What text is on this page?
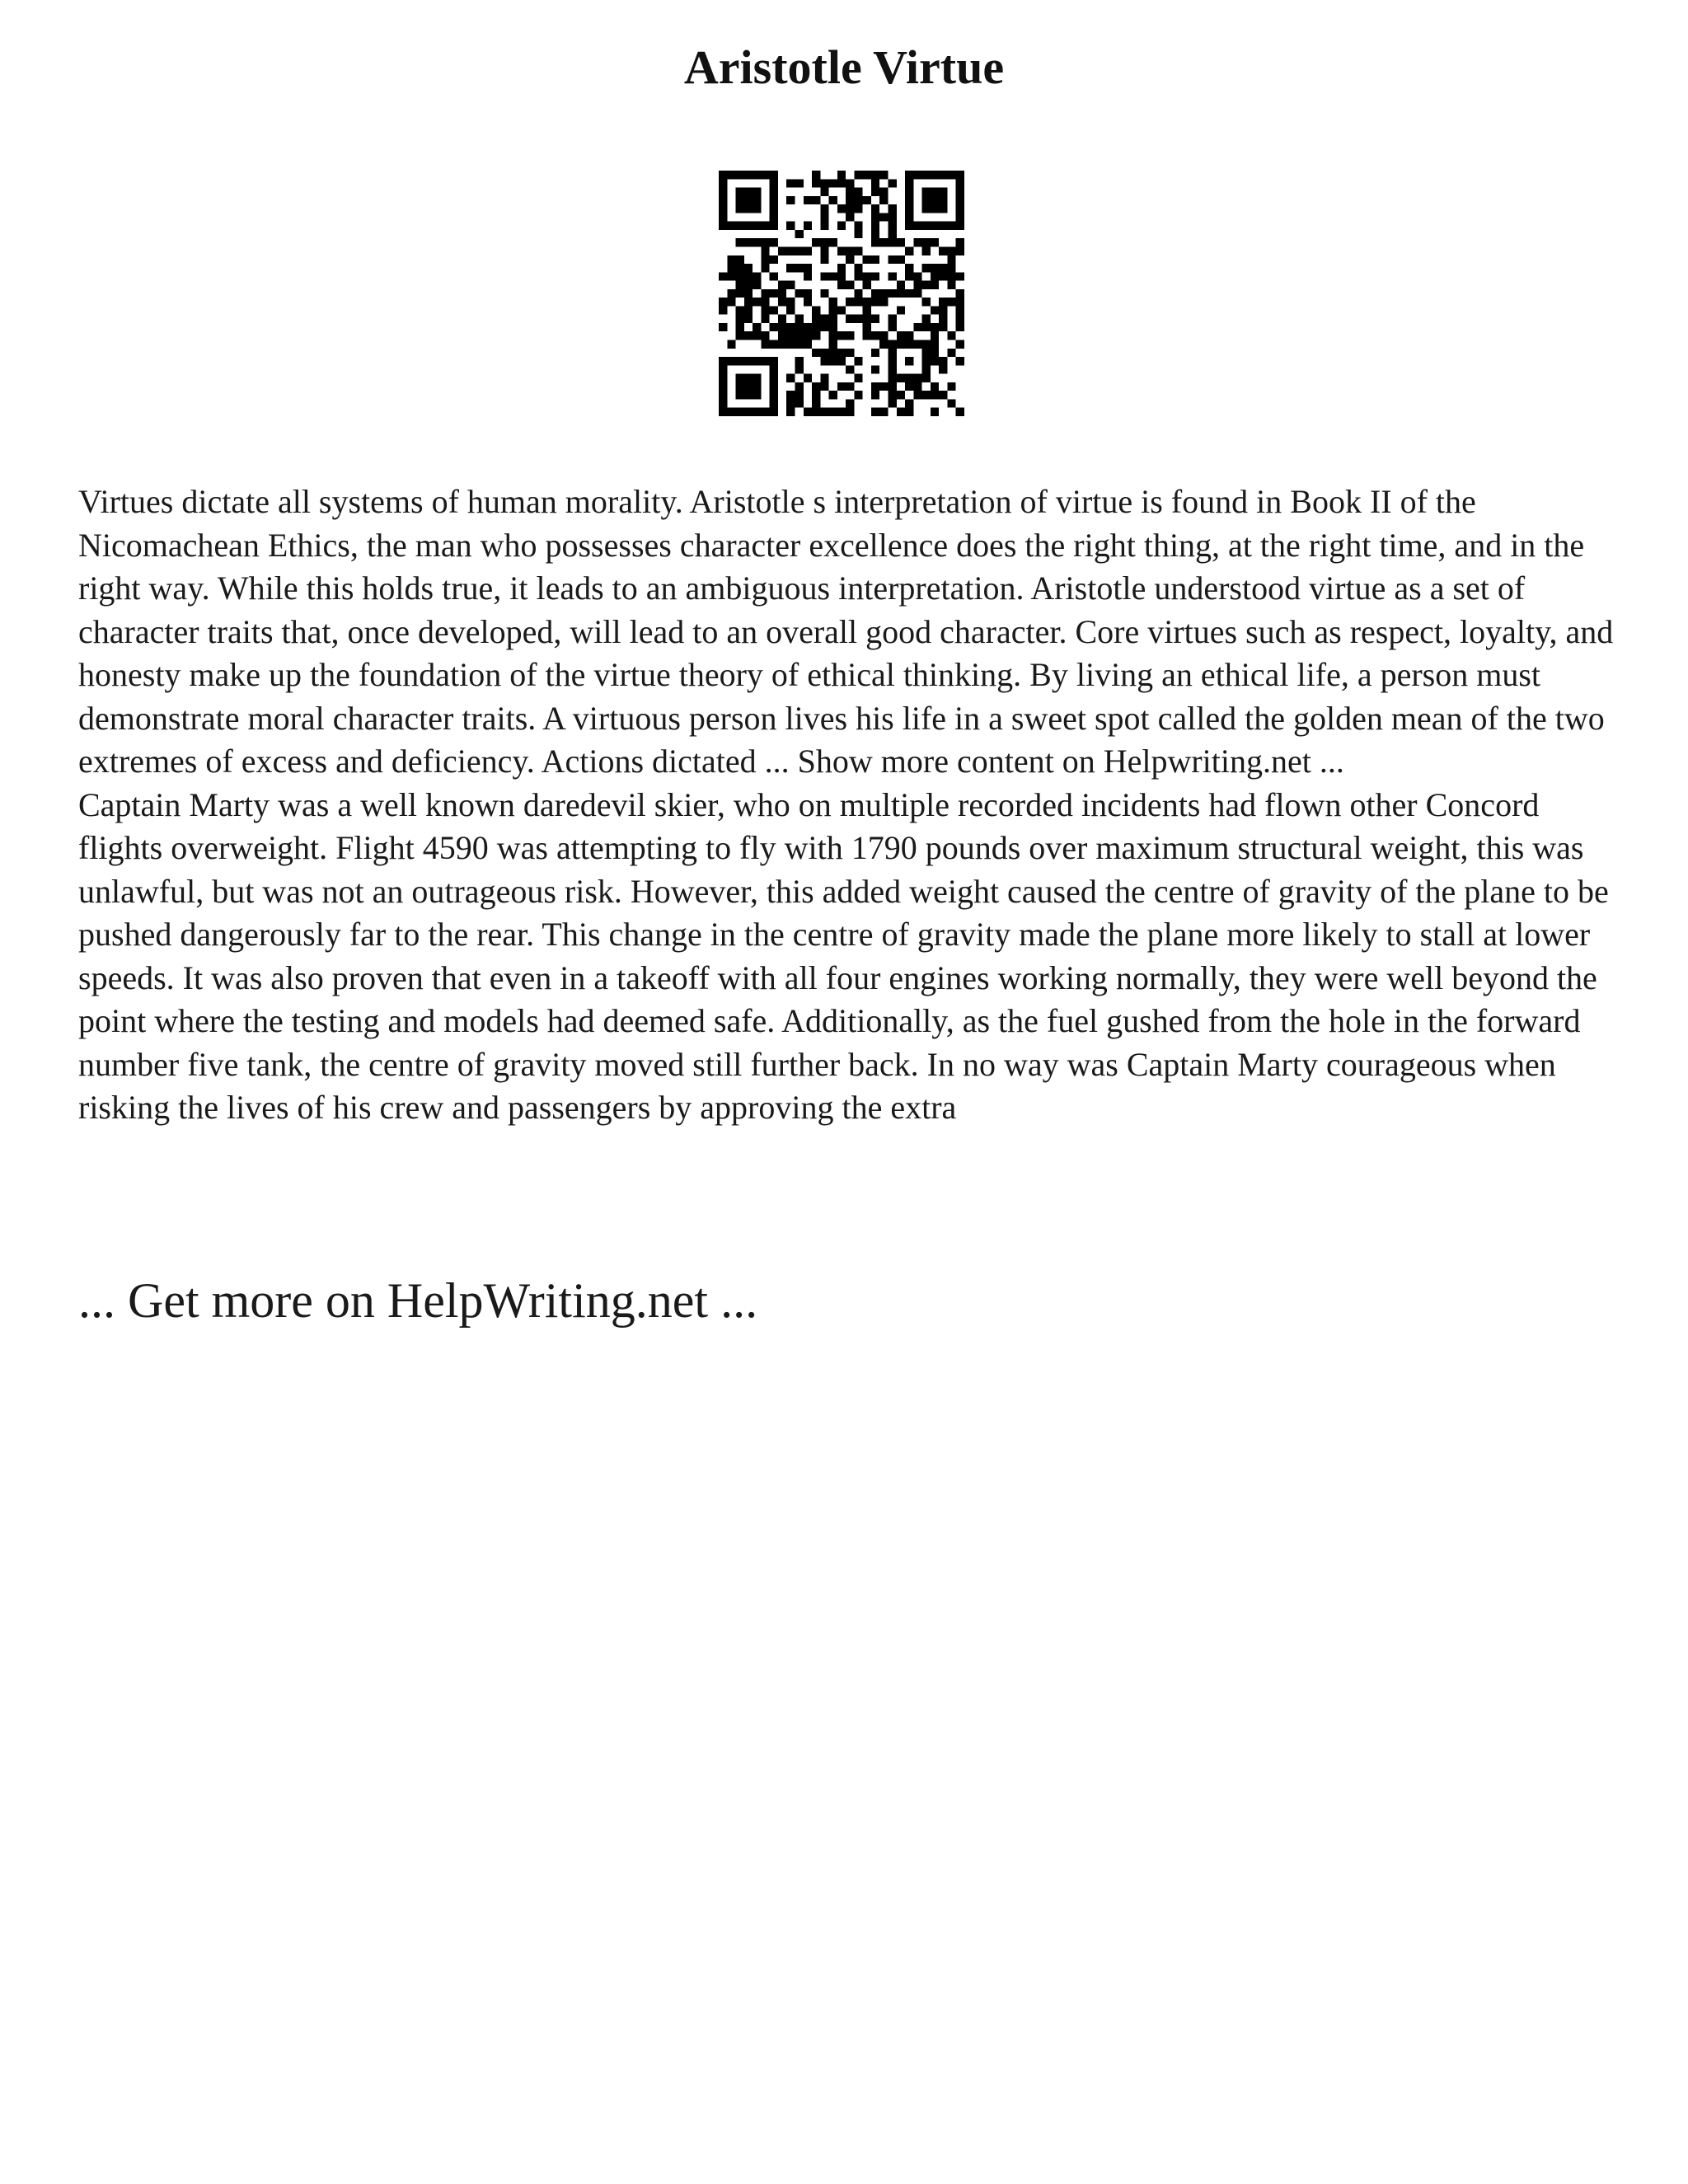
Aristotle Virtue

Virtues dictate all systems of human morality. Aristotle s interpretation of virtue is found in Book II of the Nicomachean Ethics, the man who possesses character excellence does the right thing, at the right time, and in the right way. While this holds true, it leads to an ambiguous interpretation. Aristotle understood virtue as a set of character traits that, once developed, will lead to an overall good character. Core virtues such as respect, loyalty, and honesty make up the foundation of the virtue theory of ethical thinking. By living an ethical life, a person must demonstrate moral character traits. A virtuous person lives his life in a sweet spot called the golden mean of the two extremes of excess and deficiency. Actions dictated ... Show more content on Helpwriting.net ...

Captain Marty was a well known daredevil skier, who on multiple recorded incidents had flown other Concord flights overweight. Flight 4590 was attempting to fly with 1790 pounds over maximum structural weight, this was unlawful, but was not an outrageous risk. However, this added weight caused the centre of gravity of the plane to be pushed dangerously far to the rear. This change in the centre of gravity made the plane more likely to stall at lower speeds. It was also proven that even in a takeoff with all four engines working normally, they were well beyond the point where the testing and models had deemed safe. Additionally, as the fuel gushed from the hole in the forward number five tank, the centre of gravity moved still further back. In no way was Captain Marty courageous when risking the lives of his crew and passengers by approving the extra

... Get more on HelpWriting.net ...
